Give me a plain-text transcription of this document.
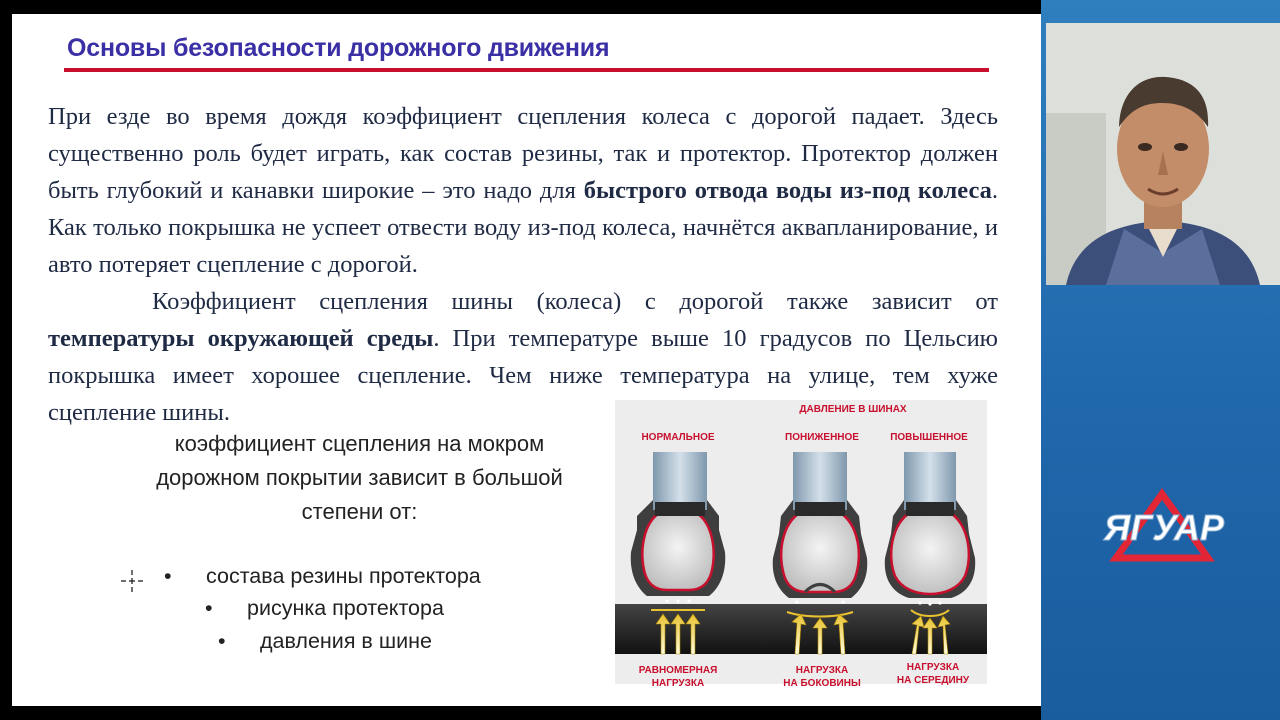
Основы безопасности дорожного движения
При езде во время дождя коэффициент сцепления колеса с дорогой падает. Здесь существенно роль будет играть, как состав резины, так и протектор. Протектор должен быть глубокий и канавки широкие – это надо для быстрого отвода воды из-под колеса. Как только покрышка не успеет отвести воду из-под колеса, начнётся аквапланирование, и авто потеряет сцепление с дорогой.
Коэффициент сцепления шины (колеса) с дорогой также зависит от температуры окружающей среды. При температуре выше 10 градусов по Цельсию покрышка имеет хорошее сцепление. Чем ниже температура на улице, тем хуже сцепление шины.
коэффициент сцепления на мокром дорожном покрытии зависит в большой степени от:
• состава резины протектора
• рисунка протектора
• давления в шине
ДАВЛЕНИЕ В ШИНАХ
НОРМАЛЬНОЕ	ПОНИЖЕННОЕ	ПОВЫШЕННОЕ
РАВНОМЕРНАЯ
НАГРУЗКА
НАГРУЗКА
НА БОКОВИНЫ
НАГРУЗКА
НА СЕРЕДИНУ
ЯГУАР
